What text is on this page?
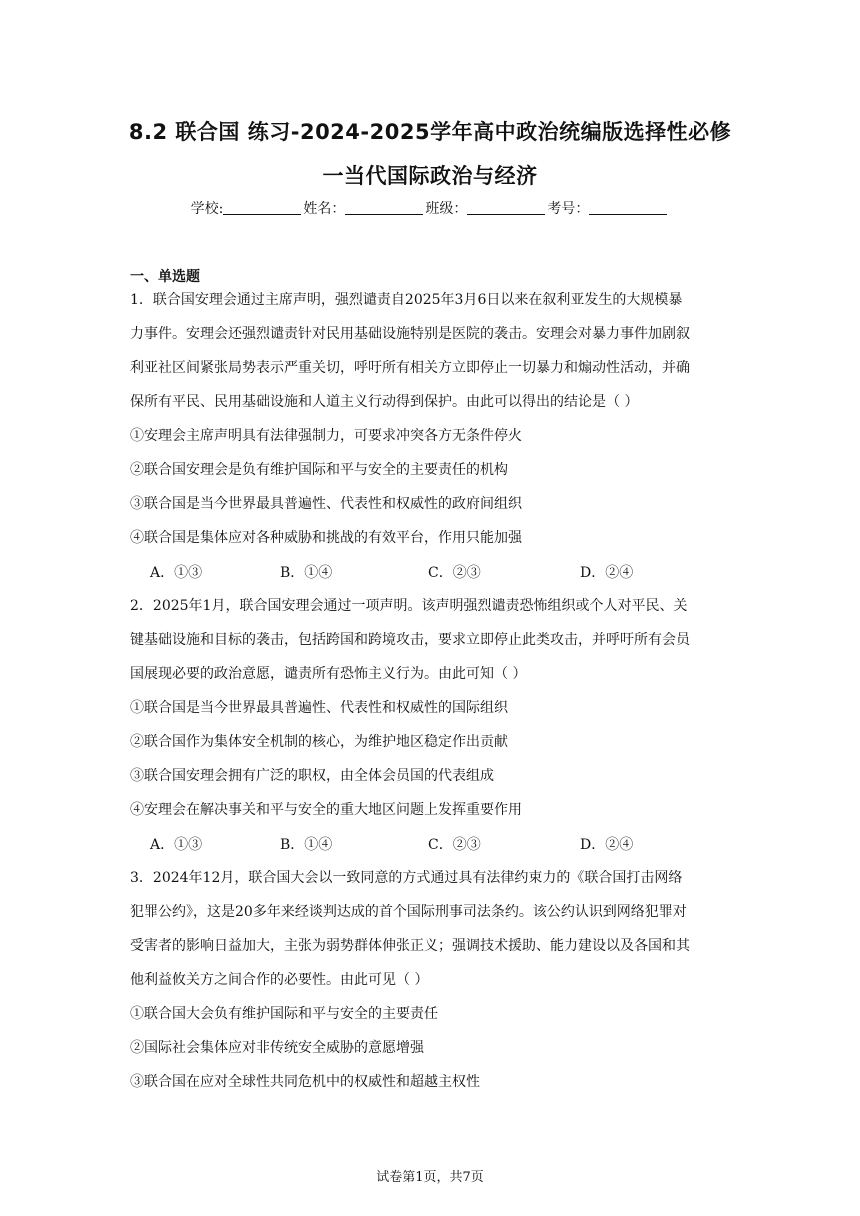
8.2 联合国 练习-2024-2025学年高中政治统编版选择性必修
一当代国际政治与经济
学校:	姓名：	班级：	考号：
一、单选题
1．联合国安理会通过主席声明，强烈谴责自2025年3月6日以来在叙利亚发生的大规模暴
力事件。安理会还强烈谴责针对民用基础设施特别是医院的袭击。安理会对暴力事件加剧叙
利亚社区间紧张局势表示严重关切，呼吁所有相关方立即停止一切暴力和煽动性活动，并确
保所有平民、民用基础设施和人道主义行动得到保护。由此可以得出的结论是（ ）
①安理会主席声明具有法律强制力，可要求冲突各方无条件停火
②联合国安理会是负有维护国际和平与安全的主要责任的机构
③联合国是当今世界最具普遍性、代表性和权威性的政府间组织
④联合国是集体应对各种威胁和挑战的有效平台，作用只能加强
A．①③	B．①④	C．②③	D．②④
2．2025年1月，联合国安理会通过一项声明。该声明强烈谴责恐怖组织或个人对平民、关
键基础设施和目标的袭击，包括跨国和跨境攻击，要求立即停止此类攻击，并呼吁所有会员
国展现必要的政治意愿，谴责所有恐怖主义行为。由此可知（ ）
①联合国是当今世界最具普遍性、代表性和权威性的国际组织
②联合国作为集体安全机制的核心，为维护地区稳定作出贡献
③联合国安理会拥有广泛的职权，由全体会员国的代表组成
④安理会在解决事关和平与安全的重大地区问题上发挥重要作用
A．①③	B．①④	C．②③	D．②④
3．2024年12月，联合国大会以一致同意的方式通过具有法律约束力的《联合国打击网络
犯罪公约》，这是20多年来经谈判达成的首个国际刑事司法条约。该公约认识到网络犯罪对
受害者的影响日益加大，主张为弱势群体伸张正义；强调技术援助、能力建设以及各国和其
他利益攸关方之间合作的必要性。由此可见（ ）
①联合国大会负有维护国际和平与安全的主要责任
②国际社会集体应对非传统安全威胁的意愿增强
③联合国在应对全球性共同危机中的权威性和超越主权性
试卷第1页，共7页
